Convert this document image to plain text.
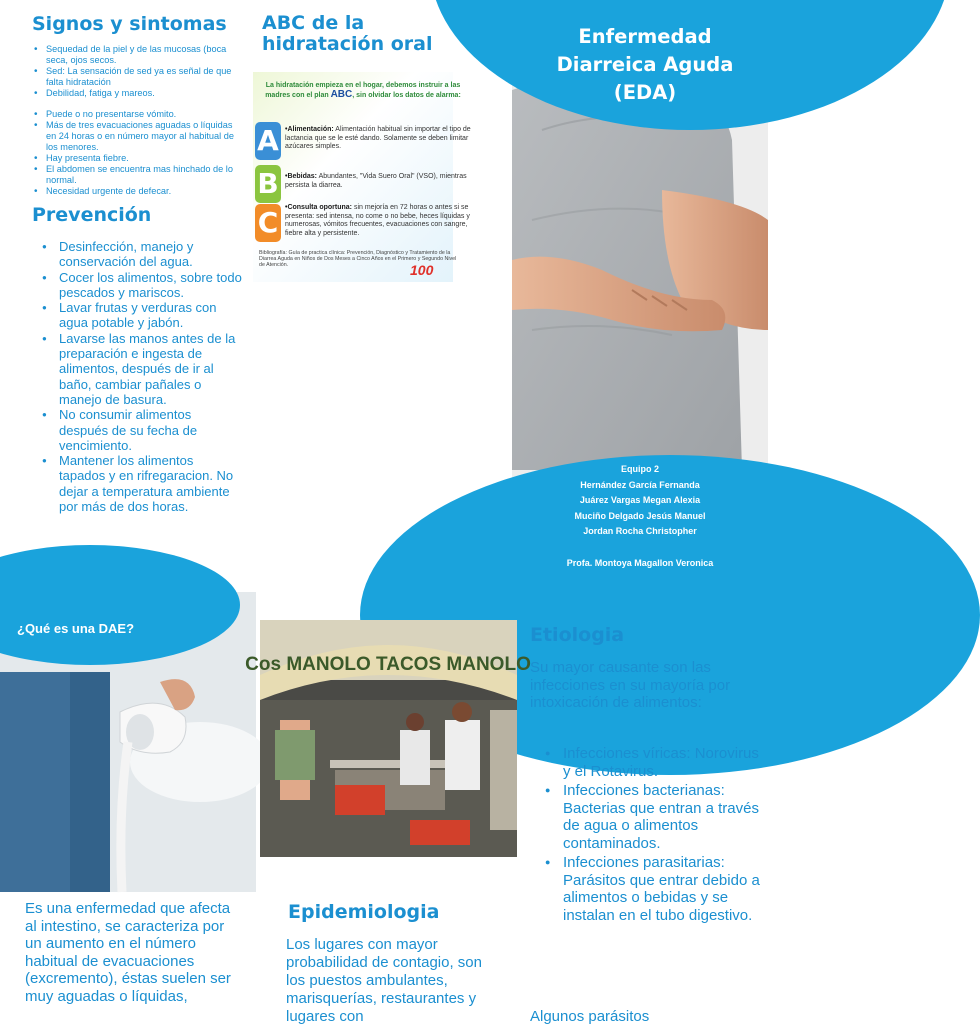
Signos y sintomas
• Sequedad de la piel y de las mucosas (boca seca, ojos secos.
• Sed: La sensación de sed ya es señal de que falta hidratación
• Debilidad, fatiga y mareos.
• Puede o no presentarse vómito.
• Más de tres evacuaciones aguadas o líquidas en 24 horas o en número mayor al habitual de los menores.
• Hay presenta fiebre.
• El abdomen se encuentra mas hinchado de lo normal.
• Necesidad urgente de defecar.
Prevención
● Desinfección, manejo y conservación del agua.
● Cocer los alimentos, sobre todo pescados y mariscos.
● Lavar frutas y verduras con agua potable y jabón.
● Lavarse las manos antes de la preparación e ingesta de alimentos, después de ir al baño, cambiar pañales o manejo de basura.
● No consumir alimentos después de su fecha de vencimiento.
● Mantener los alimentos tapados y en rifregaracion. No dejar a temperatura ambiente por más de dos horas.
ABC de la hidratación oral
La hidratación empieza en el hogar, debemos instruir a las madres con el plan ABC, sin olvidar los datos de alarma:
A
B
C
•Alimentación: Alimentación habitual sin importar el tipo de lactancia que se le esté dando. Solamente se deben limitar azúcares simples.
•Bebidas: Abundantes, "Vida Suero Oral" (VSO), mientras persista la diarrea.
•Consulta oportuna: sin mejoría en 72 horas o antes si se presenta: sed intensa, no come o no bebe, heces líquidas y numerosas, vómitos frecuentes, evacuaciones con sangre, fiebre alta y persistente.
Bibliografía: Guía de practica clínica: Prevención, Diagnóstico y Tratamiento de la Diarrea Aguda en Niños de Dos Meses a Cinco Años en el Primero y Segundo Nivel de Atención.	100
Enfermedad
Diarreica Aguda
(EDA)
Equipo 2
Hernández García Fernanda
Juárez Vargas Megan Alexia
Muciño Delgado Jesús Manuel
Jordan Rocha Christopher
Profa. Montoya Magallon Veronica
¿Qué es una DAE?
Es una enfermedad que afecta al intestino, se caracteriza por un aumento en el número habitual de evacuaciones (excremento), éstas suelen ser muy aguadas o líquidas,
Cos MANOLO TACOS MANOLO
Epidemiologia
Los lugares con mayor probabilidad de contagio, son los puestos ambulantes, marisquerías, restaurantes y lugares con
Etiologia
Su mayor causante son las infecciones en su mayoría por intoxicación de alimentos:
● Infecciones víricas: Norovirus y el Rotavirus.
● Infecciones bacterianas: Bacterias que entran a través de agua o alimentos contaminados.
● Infecciones parasitarias: Parásitos que entrar debido a alimentos o bebidas y se instalan en el tubo digestivo.
Algunos parásitos
